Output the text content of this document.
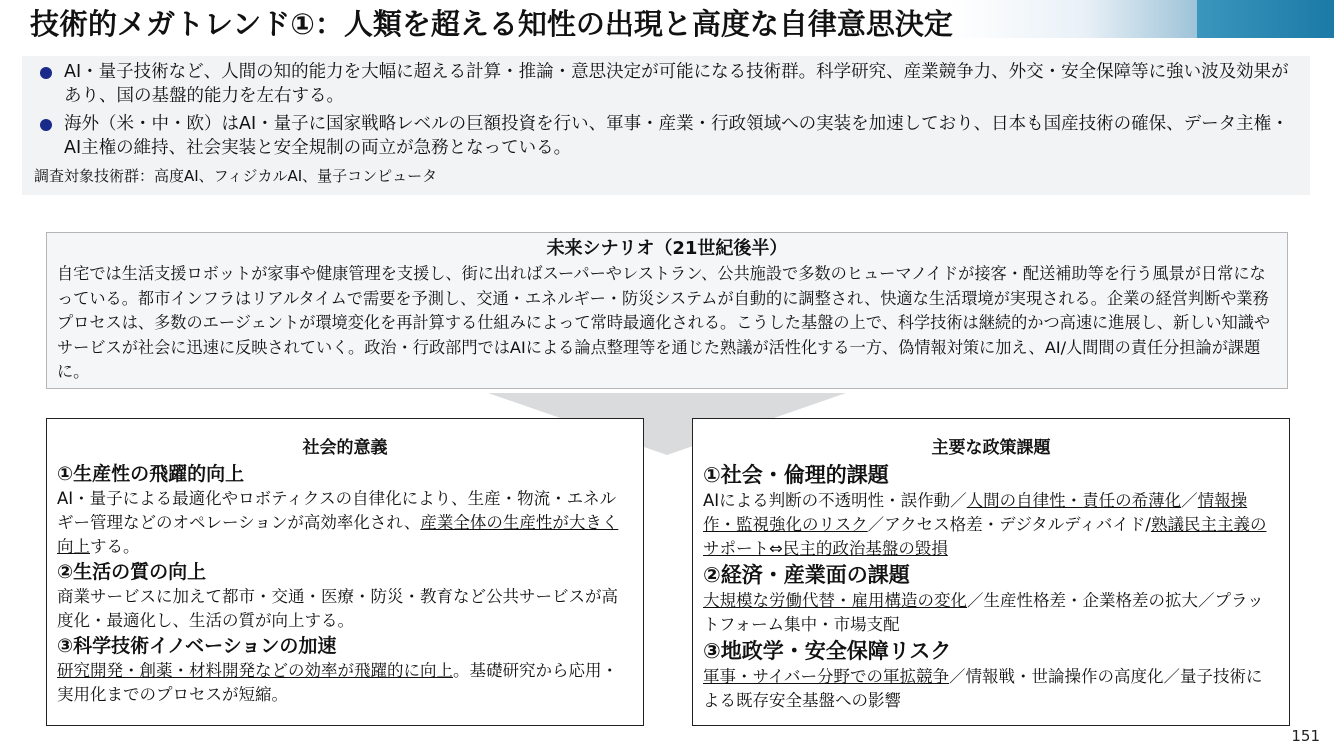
技術的メガトレンド①：人類を超える知性の出現と高度な自律意思決定
AI・量子技術など、人間の知的能力を大幅に超える計算・推論・意思決定が可能になる技術群。科学研究、産業競争力、外交・安全保障等に強い波及効果があり、国の基盤的能力を左右する。
海外（米・中・欧）はAI・量子に国家戦略レベルの巨額投資を行い、軍事・産業・行政領域への実装を加速しており、日本も国産技術の確保、データ主権・AI主権の維持、社会実装と安全規制の両立が急務となっている。
調査対象技術群：高度AI、フィジカルAI、量子コンピュータ
未来シナリオ（21世紀後半）
自宅では生活支援ロボットが家事や健康管理を支援し、街に出ればスーパーやレストラン、公共施設で多数のヒューマノイドが接客・配送補助等を行う風景が日常になっている。都市インフラはリアルタイムで需要を予測し、交通・エネルギー・防災システムが自動的に調整され、快適な生活環境が実現される。企業の経営判断や業務プロセスは、多数のエージェントが環境変化を再計算する仕組みによって常時最適化される。こうした基盤の上で、科学技術は継続的かつ高速に進展し、新しい知識やサービスが社会に迅速に反映されていく。政治・行政部門ではAIによる論点整理等を通じた熟議が活性化する一方、偽情報対策に加え、AI/人間間の責任分担論が課題に。
社会的意義
①生産性の飛躍的向上
AI・量子による最適化やロボティクスの自律化により、生産・物流・エネルギー管理などのオペレーションが高効率化され、産業全体の生産性が大きく向上する。
②生活の質の向上
商業サービスに加えて都市・交通・医療・防災・教育など公共サービスが高度化・最適化し、生活の質が向上する。
③科学技術イノベーションの加速
研究開発・創薬・材料開発などの効率が飛躍的に向上。基礎研究から応用・実用化までのプロセスが短縮。
主要な政策課題
①社会・倫理的課題
AIによる判断の不透明性・誤作動／人間の自律性・責任の希薄化／情報操作・監視強化のリスク／アクセス格差・デジタルディバイド/熟議民主主義のサポート⇔民主的政治基盤の毀損
②経済・産業面の課題
大規模な労働代替・雇用構造の変化／生産性格差・企業格差の拡大／プラットフォーム集中・市場支配
③地政学・安全保障リスク
軍事・サイバー分野での軍拡競争／情報戦・世論操作の高度化／量子技術による既存安全基盤への影響
151
